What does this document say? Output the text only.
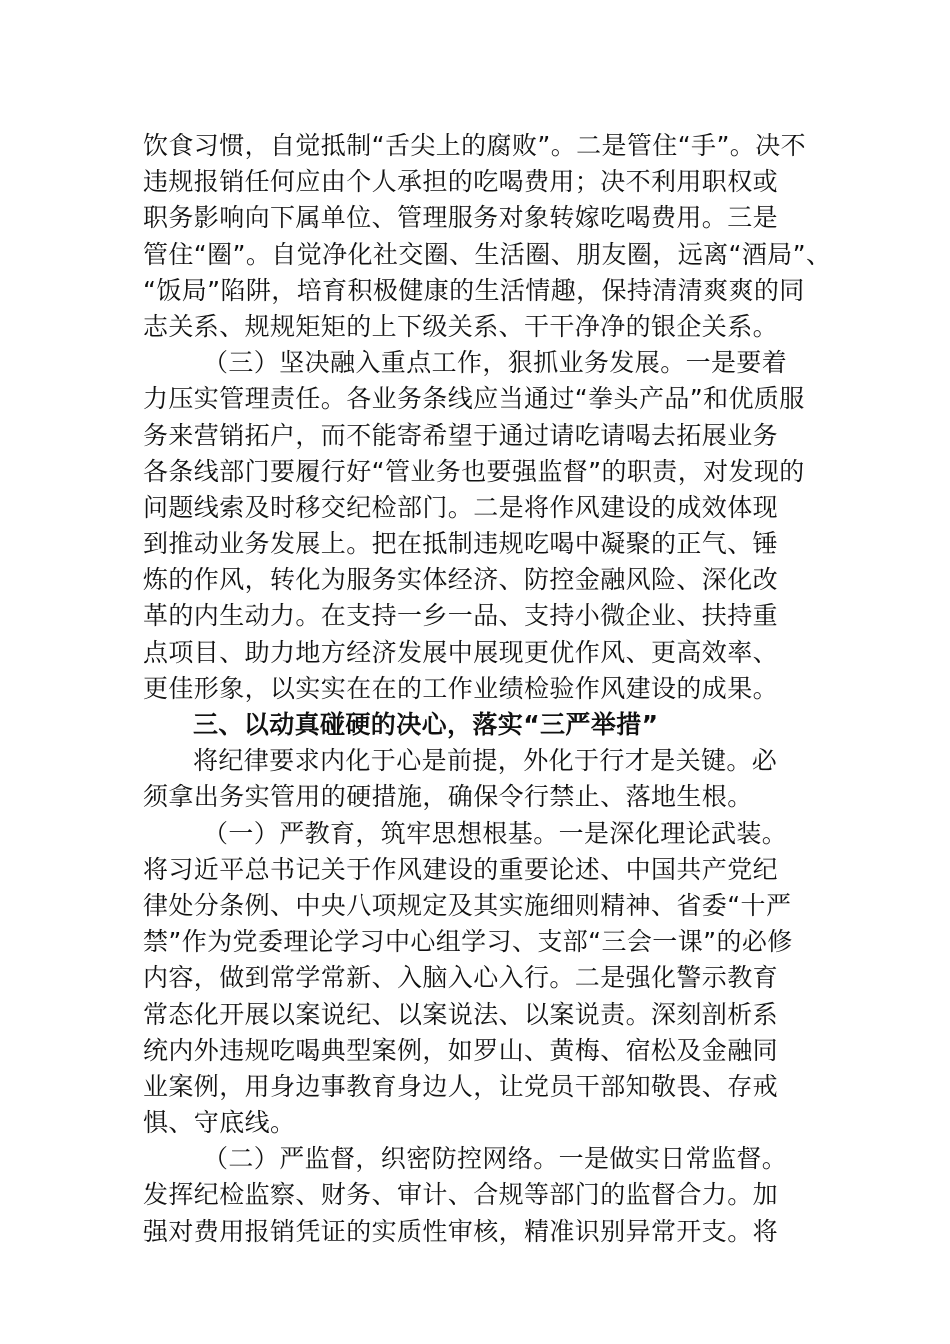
饮食习惯，自觉抵制“舌尖上的腐败”。二是管住“手”。决不
违规报销任何应由个人承担的吃喝费用；决不利用职权或
职务影响向下属单位、管理服务对象转嫁吃喝费用。三是
管住“圈”。自觉净化社交圈、生活圈、朋友圈，远离“酒局”、
“饭局”陷阱，培育积极健康的生活情趣，保持清清爽爽的同
志关系、规规矩矩的上下级关系、干干净净的银企关系。
（三）坚决融入重点工作，狠抓业务发展。一是要着
力压实管理责任。各业务条线应当通过“拳头产品”和优质服
务来营销拓户，而不能寄希望于通过请吃请喝去拓展业务
各条线部门要履行好“管业务也要强监督”的职责，对发现的
问题线索及时移交纪检部门。二是将作风建设的成效体现
到推动业务发展上。把在抵制违规吃喝中凝聚的正气、锤
炼的作风，转化为服务实体经济、防控金融风险、深化改
革的内生动力。在支持一乡一品、支持小微企业、扶持重
点项目、助力地方经济发展中展现更优作风、更高效率、
更佳形象，以实实在在的工作业绩检验作风建设的成果。
三、以动真碰硬的决心，落实“三严举措”
将纪律要求内化于心是前提，外化于行才是关键。必
须拿出务实管用的硬措施，确保令行禁止、落地生根。
（一）严教育，筑牢思想根基。一是深化理论武装。
将习近平总书记关于作风建设的重要论述、中国共产党纪
律处分条例、中央八项规定及其实施细则精神、省委“十严
禁”作为党委理论学习中心组学习、支部“三会一课”的必修
内容，做到常学常新、入脑入心入行。二是强化警示教育
常态化开展以案说纪、以案说法、以案说责。深刻剖析系
统内外违规吃喝典型案例，如罗山、黄梅、宿松及金融同
业案例，用身边事教育身边人，让党员干部知敬畏、存戒
惧、守底线。
（二）严监督，织密防控网络。一是做实日常监督。
发挥纪检监察、财务、审计、合规等部门的监督合力。加
强对费用报销凭证的实质性审核，精准识别异常开支。将
